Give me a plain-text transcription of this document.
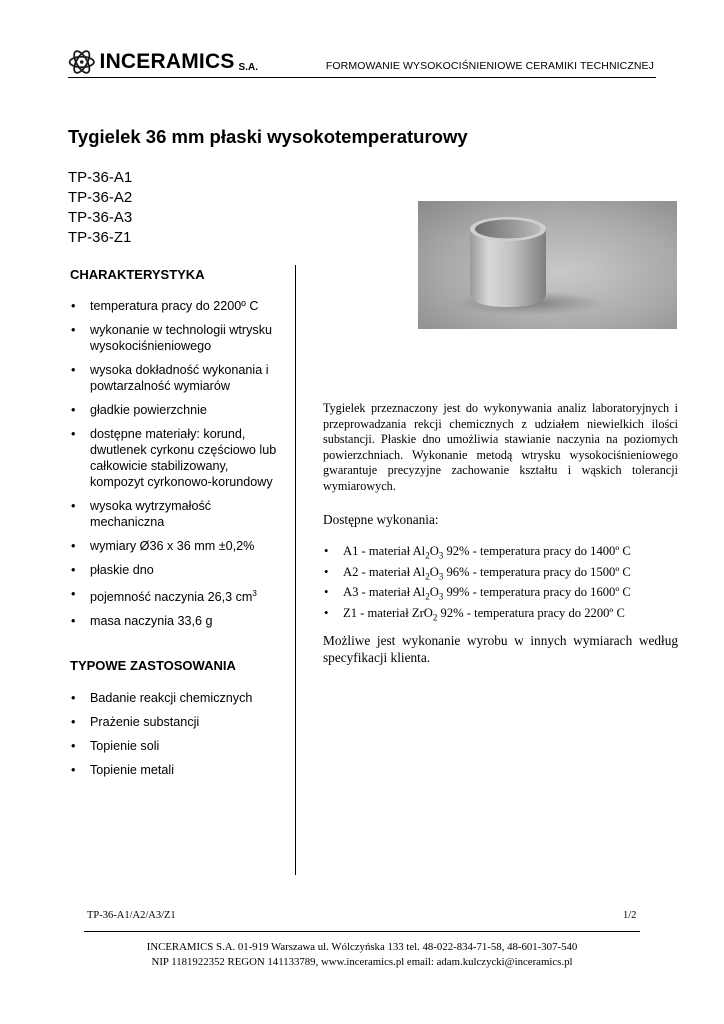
INCERAMICS S.A.	FORMOWANIE WYSOKOCIŚNIENIOWE CERAMIKI TECHNICZNEJ
Tygielek 36 mm płaski wysokotemperaturowy
TP-36-A1
TP-36-A2
TP-36-A3
TP-36-Z1
CHARAKTERYSTYKA
• temperatura pracy do 2200º C
• wykonanie w technologii wtrysku wysokociśnieniowego
• wysoka dokładność wykonania i powtarzalność wymiarów
• gładkie powierzchnie
• dostępne materiały: korund, dwutlenek cyrkonu częściowo lub całkowicie stabilizowany, kompozyt cyrkonowo-korundowy
• wysoka wytrzymałość mechaniczna
• wymiary Ø36 x 36 mm ±0,2%
• płaskie dno
• pojemność naczynia 26,3 $cm^3$
• masa naczynia 33,6 g
TYPOWE ZASTOSOWANIA
• Badanie reakcji chemicznych
• Prażenie substancji
• Topienie soli
• Topienie metali
Tygielek przeznaczony jest do wykonywania analiz laboratoryjnych i przeprowadzania rekcji chemicznych z udziałem niewielkich ilości substancji. Płaskie dno umożliwia stawianie naczynia na poziomych powierzchniach. Wykonanie metodą wtrysku wysokociśnieniowego gwarantuje precyzyjne zachowanie kształtu i wąskich tolerancji wymiarowych.
Dostępne wykonania:
• A1 - materiał $Al_2O_3$ 92% - temperatura pracy do 1400º C
• A2 - materiał $Al_2O_3$ 96% - temperatura pracy do 1500º C
• A3 - materiał $Al_2O_3$ 99% - temperatura pracy do 1600º C
• Z1 - materiał ZrO$_2$ 92% - temperatura pracy do 2200º C
Możliwe jest wykonanie wyrobu w innych wymiarach według specyfikacji klienta.
TP-36-A1/A2/A3/Z1	1/2
INCERAMICS S.A. 01-919 Warszawa ul. Wólczyńska 133 tel. 48-022-834-71-58, 48-601-307-540
NIP 1181922352 REGON 141133789, www.inceramics.pl email: adam.kulczycki@inceramics.pl
